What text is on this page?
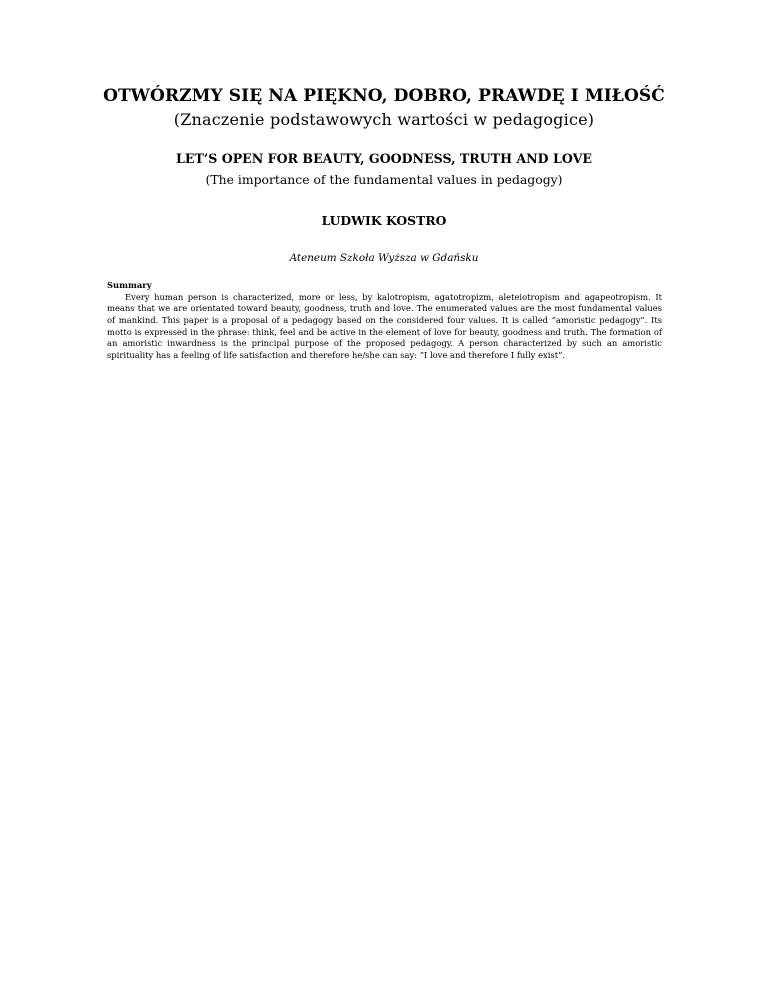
OTWÓRZMY SIĘ NA PIĘKNO, DOBRO, PRAWDĘ I MIŁOŚĆ
(Znaczenie podstawowych wartości w pedagogice)
LET’S OPEN FOR BEAUTY, GOODNESS, TRUTH AND LOVE
(The importance of the fundamental values in pedagogy)
LUDWIK KOSTRO
Ateneum Szkoła Wyższa w Gdańsku
Summary

Every human person is characterized, more or less, by kalotropism, agatotropizm, aleteiotropism and agapeotropism. It means that we are orientated toward beauty, goodness, truth and love. The enumerated values are the most fundamental values of mankind. This paper is a proposal of a pedagogy based on the considered four values. It is called ”amoristic pedagogy”. Its motto is expressed in the phrase: think, feel and be active in the element of love for beauty, goodness and truth. The formation of an amoristic inwardness is the principal purpose of the proposed pedagogy. A person characterized by such an amoristic spirituality has a feeling of life satisfaction and therefore he/she can say: ”I love and therefore I fully exist”.
